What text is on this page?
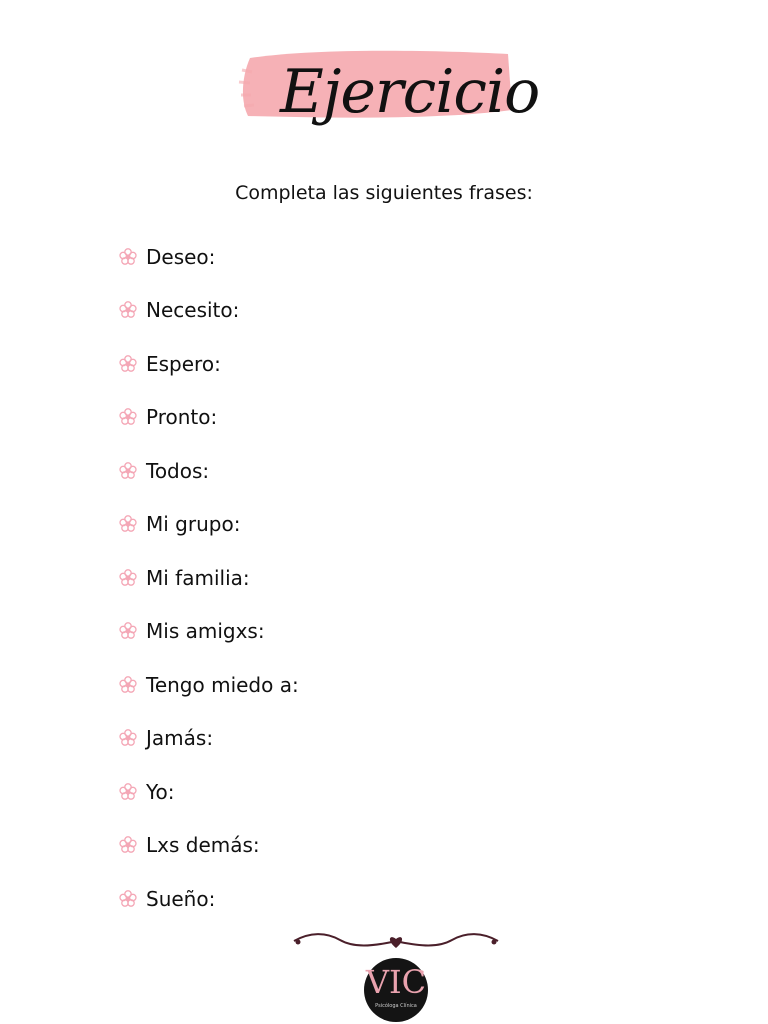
Ejercicio
Completa las siguientes frases:
Deseo:
Necesito:
Espero:
Pronto:
Todos:
Mi grupo:
Mi familia:
Mis amigxs:
Tengo miedo a:
Jamás:
Yo:
Lxs demás:
Sueño:
VIC
Psicóloga Clínica
